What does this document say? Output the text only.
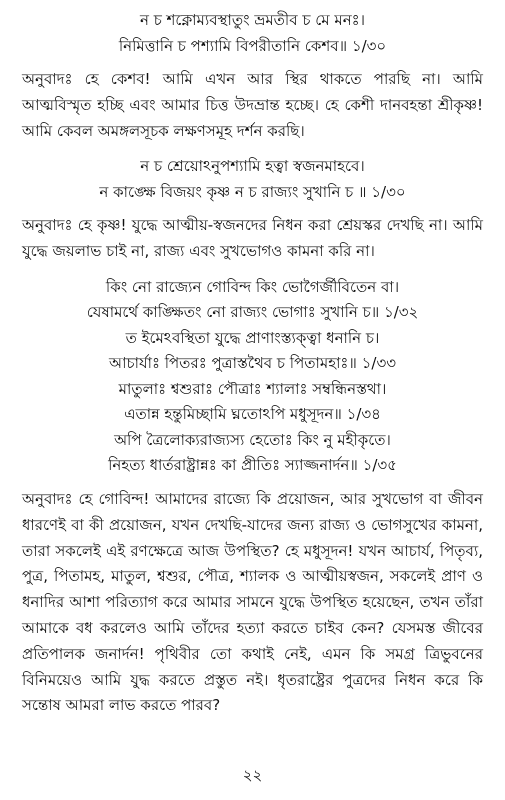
ন চ শক্নোম্যবস্থাতুং ভ্রমতীব চ মে মনঃ।
নিমিত্তানি চ পশ্যামি বিপরীতানি কেশব॥ ১/৩০

অনুবাদঃ হে কেশব! আমি এখন আর স্থির থাকতে পারছি না। আমি আত্মবিস্মৃত হচ্ছি এবং আমার চিত্ত উদভ্রান্ত হচ্ছে। হে কেশী দানবহন্তা শ্রীকৃষ্ণ! আমি কেবল অমঙ্গলসূচক লক্ষণসমূহ দর্শন করছি।

ন চ শ্রেয়োঽনুপশ্যামি হত্বা স্বজনমাহবে।
ন কাঙ্ক্ষে বিজয়ং কৃষ্ণ ন চ রাজ্যং সুখানি চ ॥ ১/৩০

অনুবাদঃ হে কৃষ্ণ! যুদ্ধে আত্মীয়-স্বজনদের নিধন করা শ্রেয়স্কর দেখছি না। আমি যুদ্ধে জয়লাভ চাই না, রাজ্য এবং সুখভোগও কামনা করি না।

কিং নো রাজ্যেন গোবিন্দ কিং ভোগৈর্জীবিতেন বা।
যেষামর্থে কাঙ্ক্ষিতং নো রাজ্যং ভোগাঃ সুখানি চ॥ ১/৩২
ত ইমেঽবস্থিতা যুদ্ধে প্রাণাংস্ত্যক্ত্বা ধনানি চ।
আচার্যাঃ পিতরঃ পুত্রাস্তথৈব চ পিতামহাঃ॥ ১/৩৩
মাতুলাঃ শ্বশুরাঃ পৌত্রাঃ শ্যালাঃ সম্বন্ধিনস্তথা।
এতান্ন হন্তুমিচ্ছামি ঘ্নতোঽপি মধুসূদন॥ ১/৩৪
অপি ত্রৈলোক্যরাজ্যস্য হেতোঃ কিং নু মহীকৃতে।
নিহত্য ধার্তরাষ্ট্রান্নঃ কা প্রীতিঃ স্যাজ্জনার্দন॥ ১/৩৫

অনুবাদঃ হে গোবিন্দ! আমাদের রাজ্যে কি প্রয়োজন, আর সুখভোগ বা জীবন ধারণেই বা কী প্রয়োজন, যখন দেখছি-যাদের জন্য রাজ্য ও ভোগসুখের কামনা, তারা সকলেই এই রণক্ষেত্রে আজ উপস্থিত? হে মধুসূদন! যখন আচার্য, পিতৃব্য, পুত্র, পিতামহ, মাতুল, শ্বশুর, পৌত্র, শ্যালক ও আত্মীয়স্বজন, সকলেই প্রাণ ও ধনাদির আশা পরিত্যাগ করে আমার সামনে যুদ্ধে উপস্থিত হয়েছেন, তখন তাঁরা আমাকে বধ করলেও আমি তাঁদের হত্যা করতে চাইব কেন? যেসমস্ত জীবের প্রতিপালক জনার্দন! পৃথিবীর তো কথাই নেই, এমন কি সমগ্র ত্রিভুবনের বিনিময়েও আমি যুদ্ধ করতে প্রস্তুত নই। ধৃতরাষ্ট্রের পুত্রদের নিধন করে কি সন্তোষ আমরা লাভ করতে পারব?

২২
